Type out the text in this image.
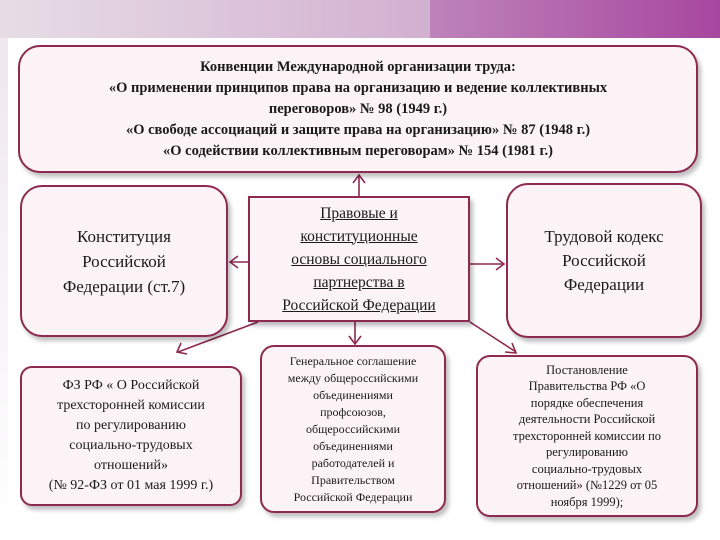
Конвенции Международной организации труда:
«О применении принципов права на организацию и ведение коллективных
переговоров» № 98 (1949 г.)
«О свободе ассоциаций и защите права на организацию» № 87 (1948 г.)
«О содействии коллективным переговорам» № 154 (1981 г.)
Конституция
Российской
Федерации (ст.7)
Правовые и
конституционные
основы социального
партнерства в
Российской Федерации
Трудовой кодекс
Российской
Федерации
ФЗ РФ « О Российской
трехсторонней комиссии
по регулированию
социально-трудовых
отношений»
(№ 92-ФЗ от 01 мая 1999 г.)
Генеральное соглашение
между общероссийскими
объединениями
профсоюзов,
общероссийскими
объединениями
работодателей и
Правительством
Российской Федерации
Постановление
Правительства РФ «О
порядке обеспечения
деятельности Российской
трехсторонней комиссии по
регулированию
социально-трудовых
отношений» (№1229 от 05
ноября 1999);
